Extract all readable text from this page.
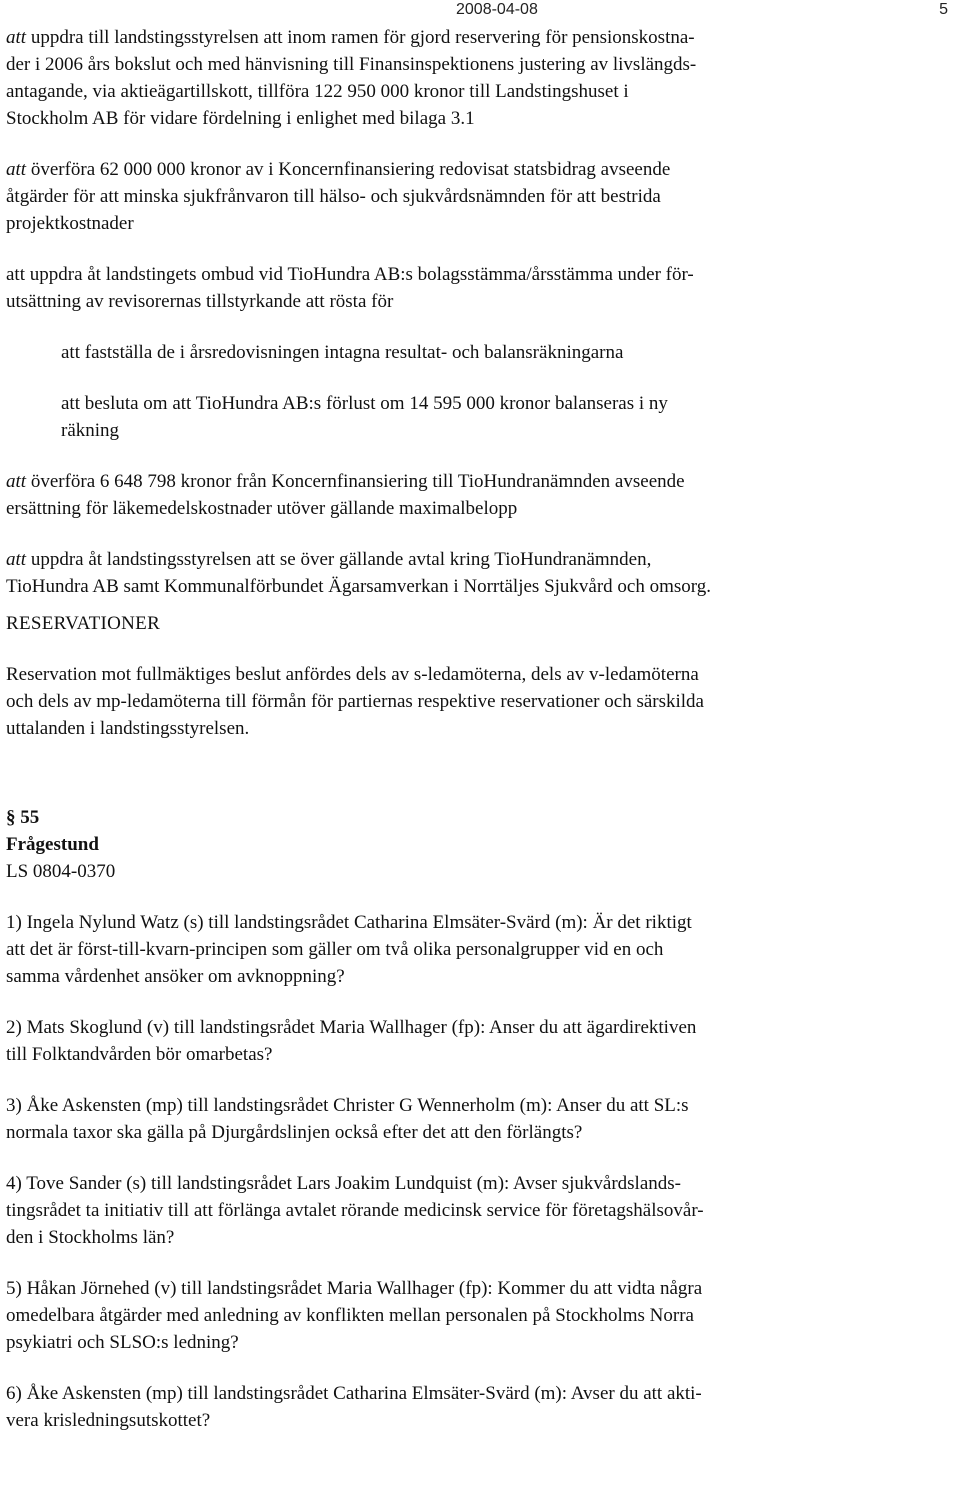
2008-04-08	5

att uppdra till landstingsstyrelsen att inom ramen för gjord reservering för pensionskostna-
der i 2006 års bokslut och med hänvisning till Finansinspektionens justering av livslängds-
antagande, via aktieägartillskott, tillföra 122 950 000 kronor till Landstingshuset i
Stockholm AB för vidare fördelning i enlighet med bilaga 3.1

att överföra 62 000 000 kronor av i Koncernfinansiering redovisat statsbidrag avseende
åtgärder för att minska sjukfrånvaron till hälso- och sjukvårdsnämnden för att bestrida
projektkostnader

att uppdra åt landstingets ombud vid TioHundra AB:s bolagsstämma/årsstämma under för-
utsättning av revisorernas tillstyrkande att rösta för

att fastställa de i årsredovisningen intagna resultat- och balansräkningarna

att besluta om att TioHundra AB:s förlust om 14 595 000 kronor balanseras i ny
räkning

att överföra 6 648 798 kronor från Koncernfinansiering till TioHundranämnden avseende
ersättning för läkemedelskostnader utöver gällande maximalbelopp

att uppdra åt landstingsstyrelsen att se över gällande avtal kring TioHundranämnden,
TioHundra AB samt Kommunalförbundet Ägarsamverkan i Norrtäljes Sjukvård och omsorg.

RESERVATIONER

Reservation mot fullmäktiges beslut anfördes dels av s-ledamöterna, dels av v-ledamöterna
och dels av mp-ledamöterna till förmån för partiernas respektive reservationer och särskilda
uttalanden i landstingsstyrelsen.

§ 55

Frågestund

LS 0804-0370

1) Ingela Nylund Watz (s) till landstingsrådet Catharina Elmsäter-Svärd (m): Är det riktigt
att det är först-till-kvarn-principen som gäller om två olika personalgrupper vid en och
samma vårdenhet ansöker om avknoppning?

2) Mats Skoglund (v) till landstingsrådet Maria Wallhager (fp): Anser du att ägardirektiven
till Folktandvården bör omarbetas?

3) Åke Askensten (mp) till landstingsrådet Christer G Wennerholm (m): Anser du att SL:s
normala taxor ska gälla på Djurgårdslinjen också efter det att den förlängts?

4) Tove Sander (s) till landstingsrådet Lars Joakim Lundquist (m): Avser sjukvårdslands-
tingsrådet ta initiativ till att förlänga avtalet rörande medicinsk service för företagshälsovår-
den i Stockholms län?

5) Håkan Jörnehed (v) till landstingsrådet Maria Wallhager (fp): Kommer du att vidta några
omedelbara åtgärder med anledning av konflikten mellan personalen på Stockholms Norra
psykiatri och SLSO:s ledning?

6) Åke Askensten (mp) till landstingsrådet Catharina Elmsäter-Svärd (m): Avser du att akti-
vera krisledningsutskottet?
